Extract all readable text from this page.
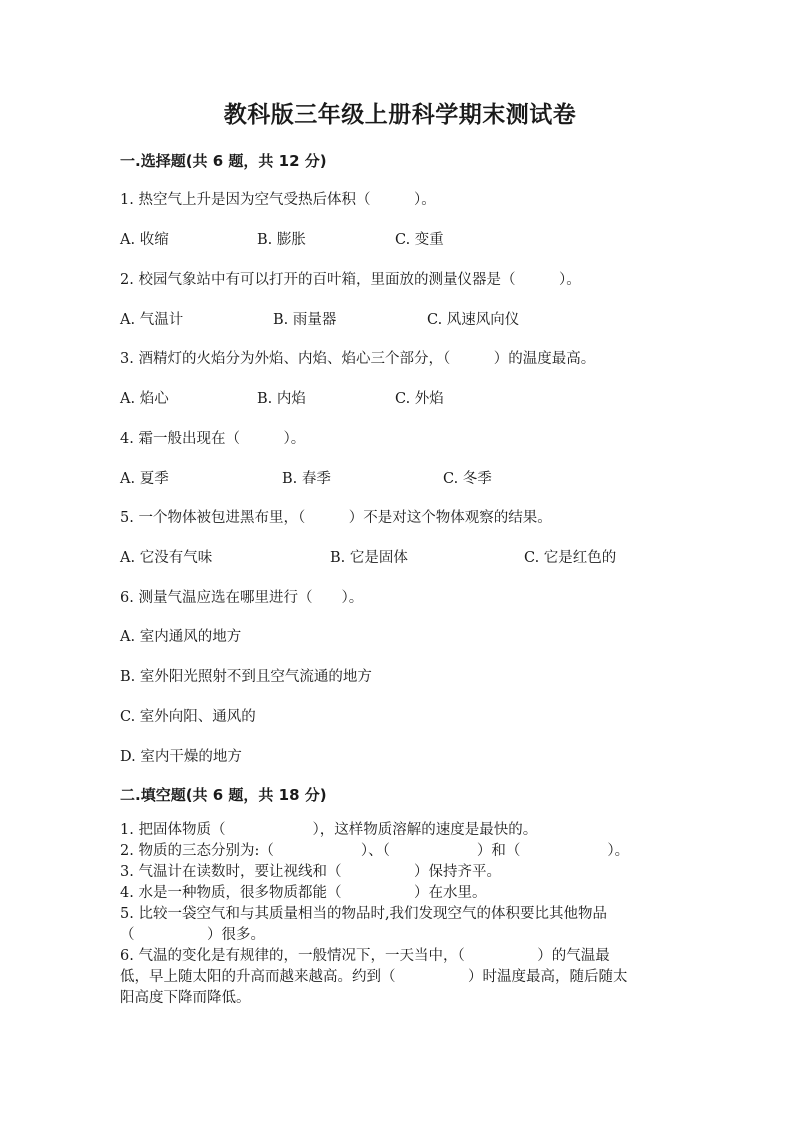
教科版三年级上册科学期末测试卷
一.选择题(共 6 题，共 12 分)
1. 热空气上升是因为空气受热后体积（　　　）。
A. 收缩	B. 膨胀	C. 变重
2. 校园气象站中有可以打开的百叶箱，里面放的测量仪器是（　　　）。
A. 气温计	B. 雨量器	C. 风速风向仪
3. 酒精灯的火焰分为外焰、内焰、焰心三个部分，（　　　）的温度最高。
A. 焰心	B. 内焰	C. 外焰
4. 霜一般出现在（　　　）。
A. 夏季	B. 春季	C. 冬季
5. 一个物体被包进黑布里，（　　　）不是对这个物体观察的结果。
A. 它没有气味	B. 它是固体	C. 它是红色的
6. 测量气温应选在哪里进行（　　）。
A. 室内通风的地方
B. 室外阳光照射不到且空气流通的地方
C. 室外向阳、通风的
D. 室内干燥的地方
二.填空题(共 6 题，共 18 分)
1. 把固体物质（　　　　　　），这样物质溶解的速度是最快的。
2. 物质的三态分别为:（　　　　　　）、（　　　　　　）和（　　　　　　）。
3. 气温计在读数时，要让视线和（　　　　　）保持齐平。
4. 水是一种物质，很多物质都能（　　　　　）在水里。
5. 比较一袋空气和与其质量相当的物品时,我们发现空气的体积要比其他物品
（　　　　　）很多。
6. 气温的变化是有规律的，一般情况下，一天当中，（　　　　　）的气温最
低，早上随太阳的升高而越来越高。约到（　　　　　）时温度最高，随后随太
阳高度下降而降低。
